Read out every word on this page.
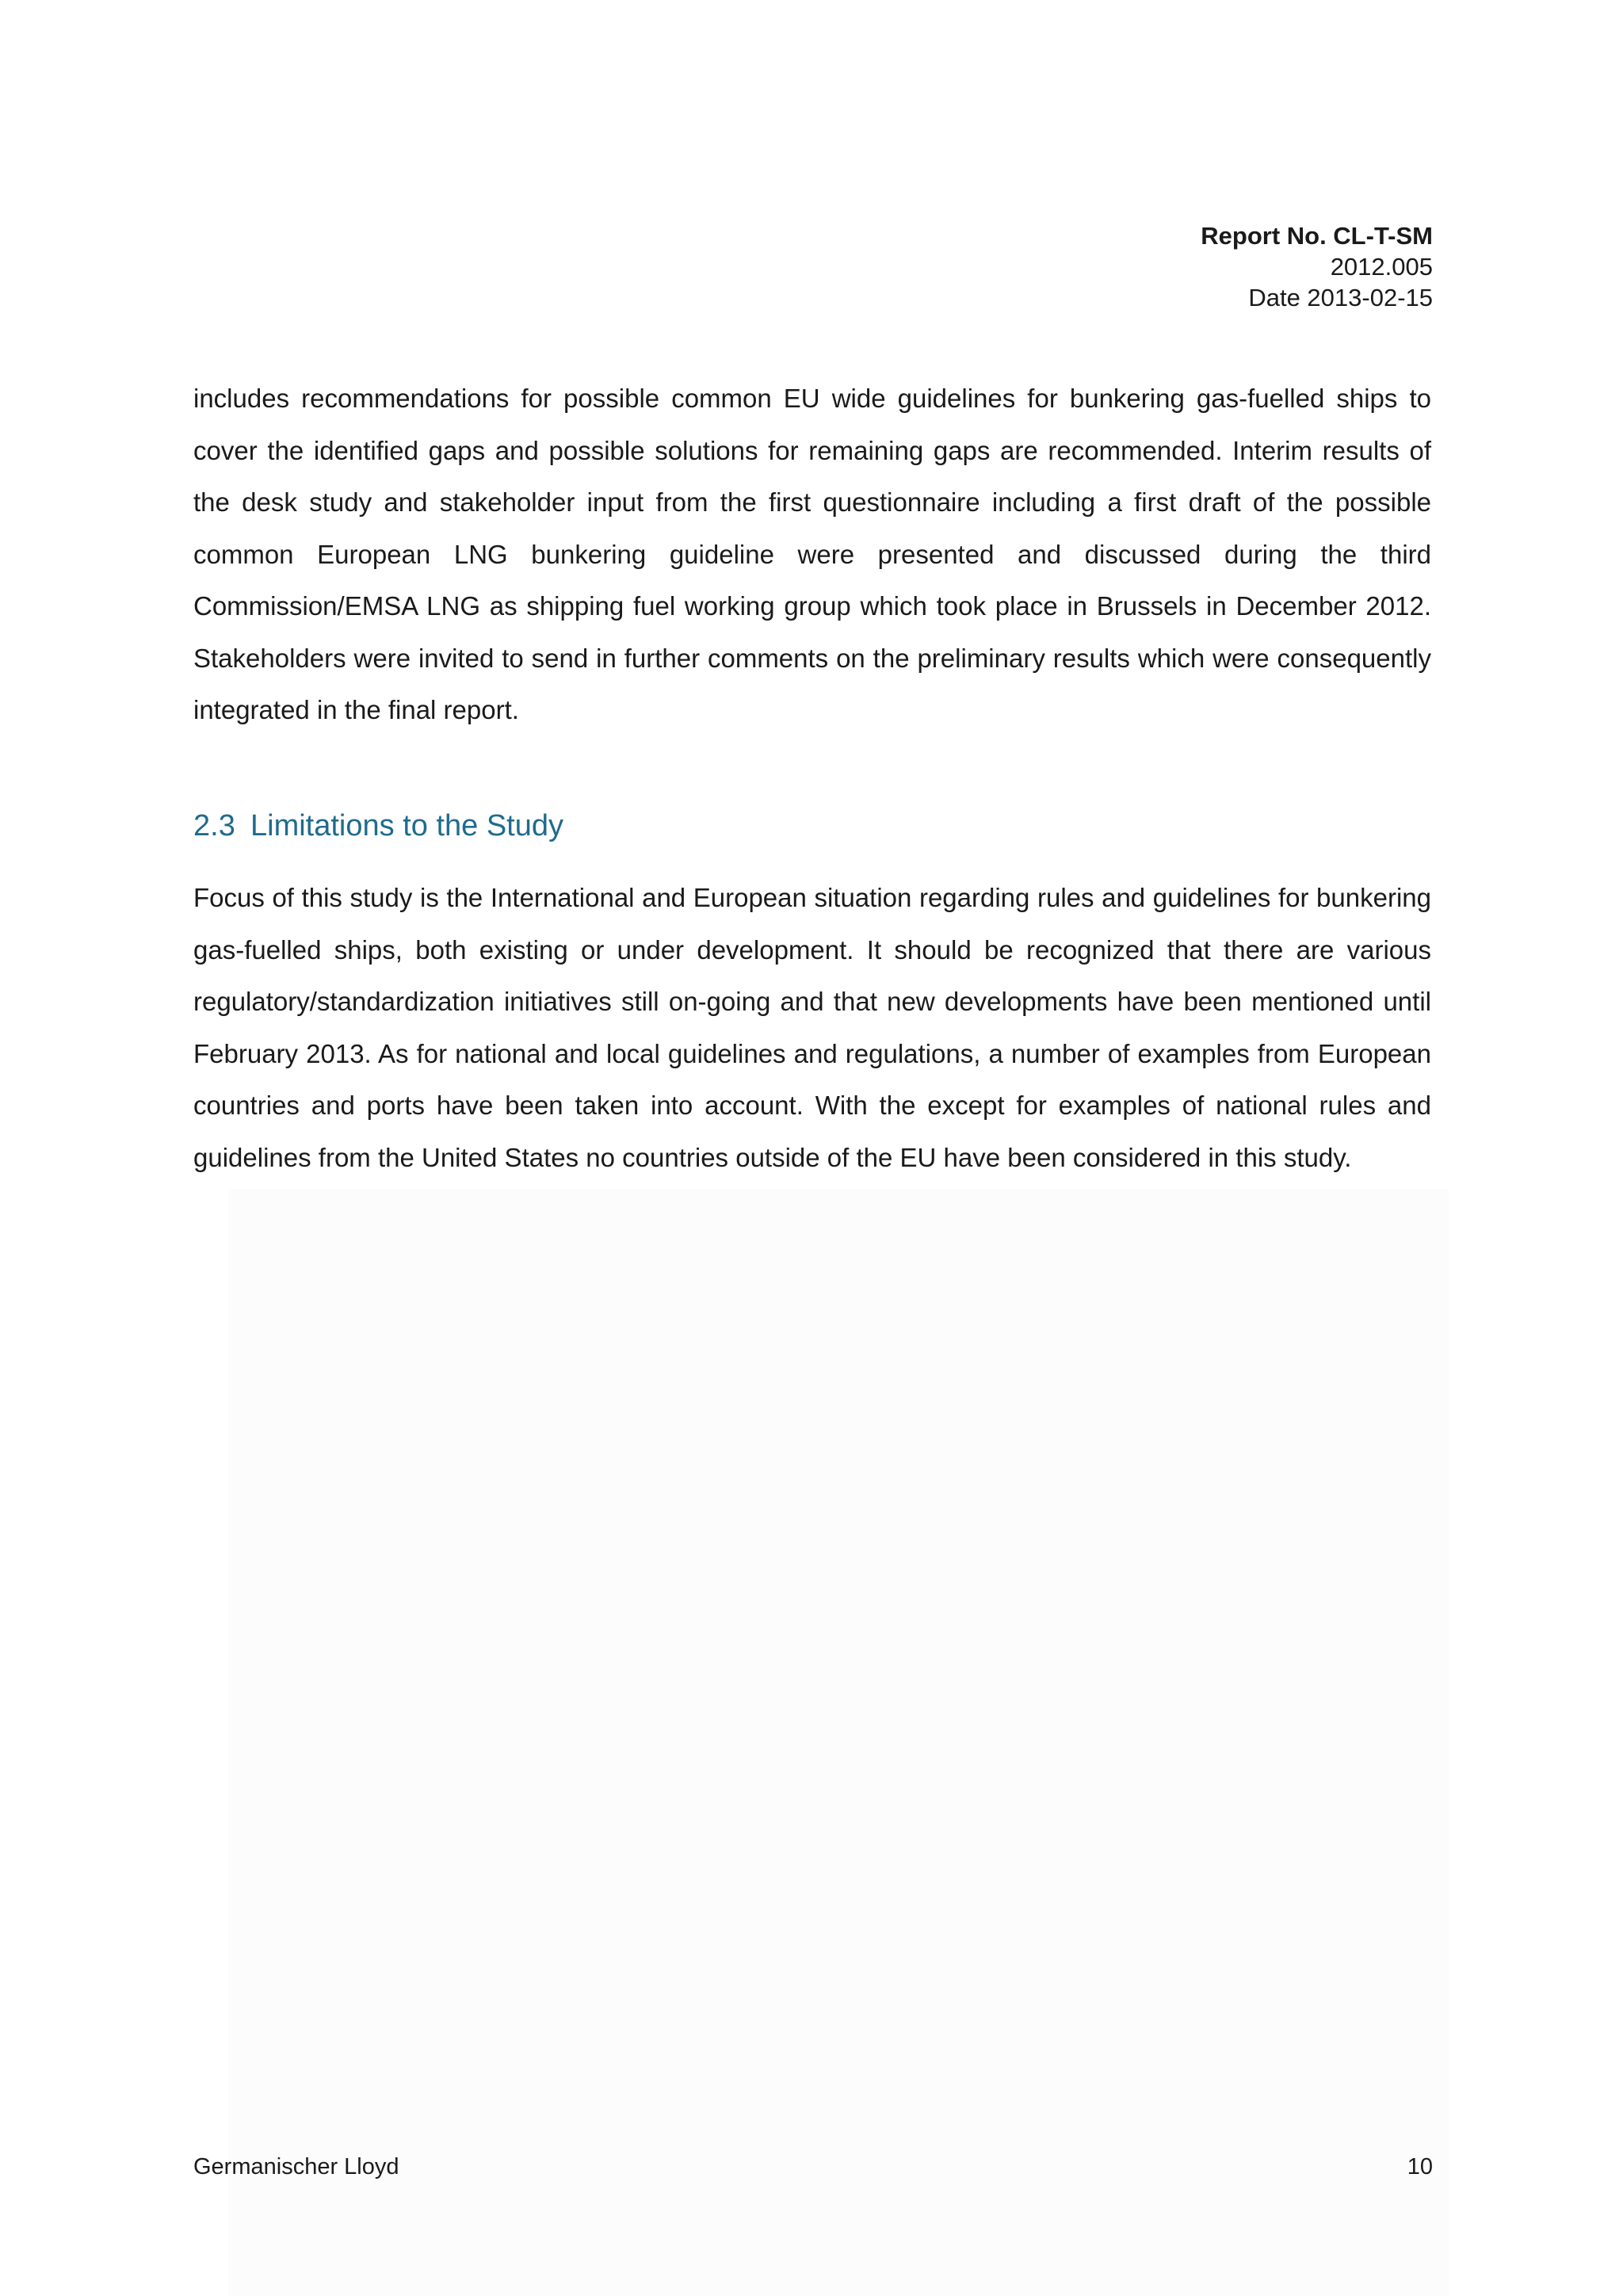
Report No. CL-T-SM
2012.005
Date 2013-02-15

includes recommendations for possible common EU wide guidelines for bunkering gas-fuelled ships to cover the identified gaps and possible solutions for remaining gaps are recommended. Interim results of the desk study and stakeholder input from the first questionnaire including a first draft of the possible common European LNG bunkering guideline were presented and discussed during the third Commission/EMSA LNG as shipping fuel working group which took place in Brussels in December 2012. Stakeholders were invited to send in further comments on the preliminary results which were consequently integrated in the final report.

2.3 Limitations to the Study

Focus of this study is the International and European situation regarding rules and guidelines for bunkering gas-fuelled ships, both existing or under development. It should be recognized that there are various regulatory/standardization initiatives still on-going and that new developments have been mentioned until February 2013. As for national and local guidelines and regulations, a number of examples from European countries and ports have been taken into account. With the except for examples of national rules and guidelines from the United States no countries outside of the EU have been considered in this study.

Germanischer Lloyd	10
